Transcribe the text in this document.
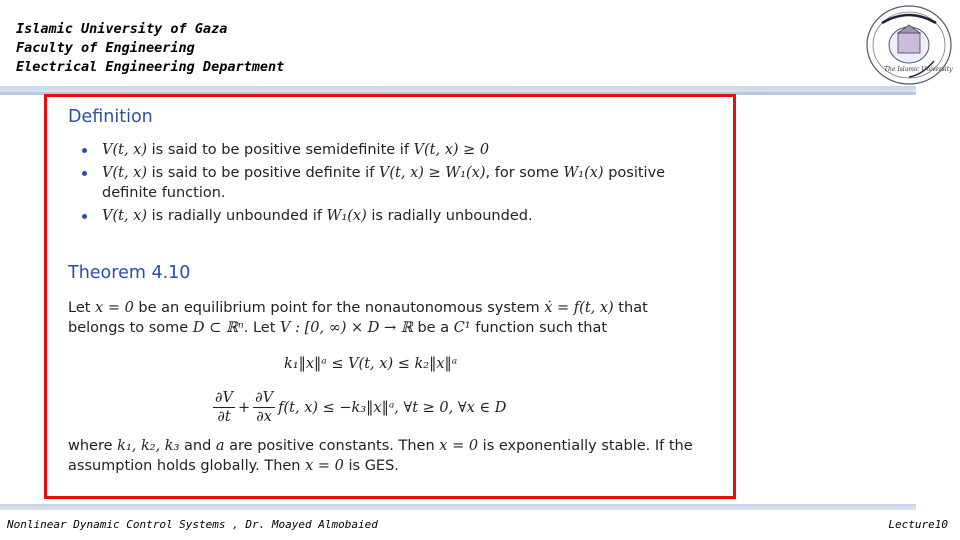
Islamic University of Gaza
Faculty of Engineering
Electrical Engineering Department	The Islamic University
Definition
V(t, x) is said to be positive semidefinite if V(t, x) ≥ 0
V(t, x) is said to be positive definite if V(t, x) ≥ W₁(x), for some W₁(x) positive definite function.
V(t, x) is radially unbounded if W₁(x) is radially unbounded.
Theorem 4.10
Let x = 0 be an equilibrium point for the nonautonomous system ẋ = f(t, x) that belongs to some D ⊂ ℝⁿ. Let V : [0, ∞) × D → ℝ be a C¹ function such that
k₁‖x‖ᵃ ≤ V(t, x) ≤ k₂‖x‖ᵃ
$\frac{\partial V}{\partial t} + \frac{\partial V}{\partial x} f(t$, x) ≤ −k₃‖x‖ᵃ, ∀t ≥ 0, ∀x ∈ D
where k₁, k₂, k₃ and a are positive constants. Then x = 0 is exponentially stable. If the assumption holds globally. Then x = 0 is GES.
Nonlinear Dynamic Control Systems , Dr. Moayed Almobaied	Lecture10
